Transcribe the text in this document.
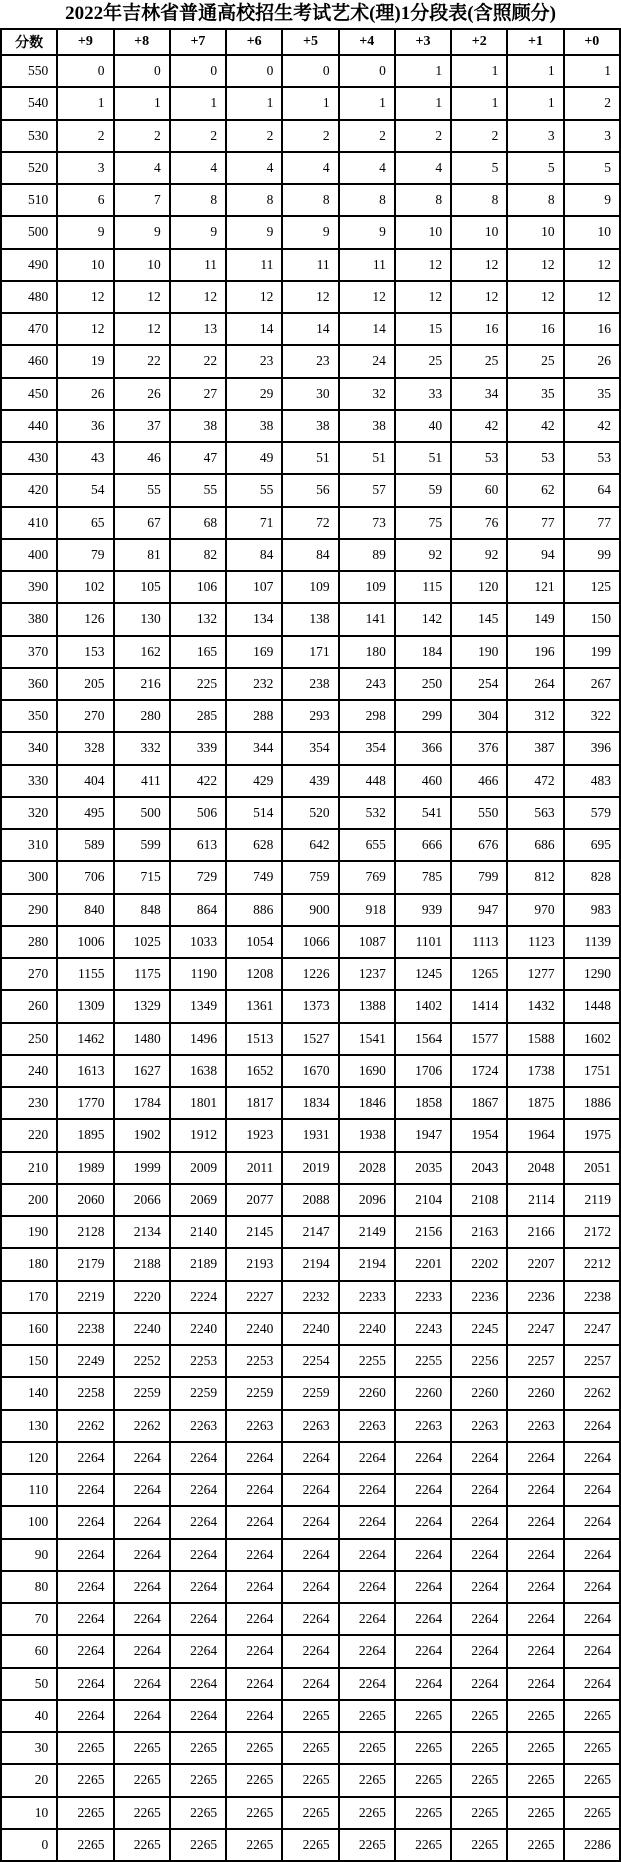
2022年吉林省普通高校招生考试艺术(理)1分段表(含照顾分)
分数	+9	+8	+7	+6	+5	+4	+3	+2	+1	+0
550	0	0	0	0	0	0	1	1	1	1
540	1	1	1	1	1	1	1	1	1	2
530	2	2	2	2	2	2	2	2	3	3
520	3	4	4	4	4	4	4	5	5	5
510	6	7	8	8	8	8	8	8	8	9
500	9	9	9	9	9	9	10	10	10	10
490	10	10	11	11	11	11	12	12	12	12
480	12	12	12	12	12	12	12	12	12	12
470	12	12	13	14	14	14	15	16	16	16
460	19	22	22	23	23	24	25	25	25	26
450	26	26	27	29	30	32	33	34	35	35
440	36	37	38	38	38	38	40	42	42	42
430	43	46	47	49	51	51	51	53	53	53
420	54	55	55	55	56	57	59	60	62	64
410	65	67	68	71	72	73	75	76	77	77
400	79	81	82	84	84	89	92	92	94	99
390	102	105	106	107	109	109	115	120	121	125
380	126	130	132	134	138	141	142	145	149	150
370	153	162	165	169	171	180	184	190	196	199
360	205	216	225	232	238	243	250	254	264	267
350	270	280	285	288	293	298	299	304	312	322
340	328	332	339	344	354	354	366	376	387	396
330	404	411	422	429	439	448	460	466	472	483
320	495	500	506	514	520	532	541	550	563	579
310	589	599	613	628	642	655	666	676	686	695
300	706	715	729	749	759	769	785	799	812	828
290	840	848	864	886	900	918	939	947	970	983
280	1006	1025	1033	1054	1066	1087	1101	1113	1123	1139
270	1155	1175	1190	1208	1226	1237	1245	1265	1277	1290
260	1309	1329	1349	1361	1373	1388	1402	1414	1432	1448
250	1462	1480	1496	1513	1527	1541	1564	1577	1588	1602
240	1613	1627	1638	1652	1670	1690	1706	1724	1738	1751
230	1770	1784	1801	1817	1834	1846	1858	1867	1875	1886
220	1895	1902	1912	1923	1931	1938	1947	1954	1964	1975
210	1989	1999	2009	2011	2019	2028	2035	2043	2048	2051
200	2060	2066	2069	2077	2088	2096	2104	2108	2114	2119
190	2128	2134	2140	2145	2147	2149	2156	2163	2166	2172
180	2179	2188	2189	2193	2194	2194	2201	2202	2207	2212
170	2219	2220	2224	2227	2232	2233	2233	2236	2236	2238
160	2238	2240	2240	2240	2240	2240	2243	2245	2247	2247
150	2249	2252	2253	2253	2254	2255	2255	2256	2257	2257
140	2258	2259	2259	2259	2259	2260	2260	2260	2260	2262
130	2262	2262	2263	2263	2263	2263	2263	2263	2263	2264
120	2264	2264	2264	2264	2264	2264	2264	2264	2264	2264
110	2264	2264	2264	2264	2264	2264	2264	2264	2264	2264
100	2264	2264	2264	2264	2264	2264	2264	2264	2264	2264
90	2264	2264	2264	2264	2264	2264	2264	2264	2264	2264
80	2264	2264	2264	2264	2264	2264	2264	2264	2264	2264
70	2264	2264	2264	2264	2264	2264	2264	2264	2264	2264
60	2264	2264	2264	2264	2264	2264	2264	2264	2264	2264
50	2264	2264	2264	2264	2264	2264	2264	2264	2264	2264
40	2264	2264	2264	2264	2265	2265	2265	2265	2265	2265
30	2265	2265	2265	2265	2265	2265	2265	2265	2265	2265
20	2265	2265	2265	2265	2265	2265	2265	2265	2265	2265
10	2265	2265	2265	2265	2265	2265	2265	2265	2265	2265
0	2265	2265	2265	2265	2265	2265	2265	2265	2265	2286
